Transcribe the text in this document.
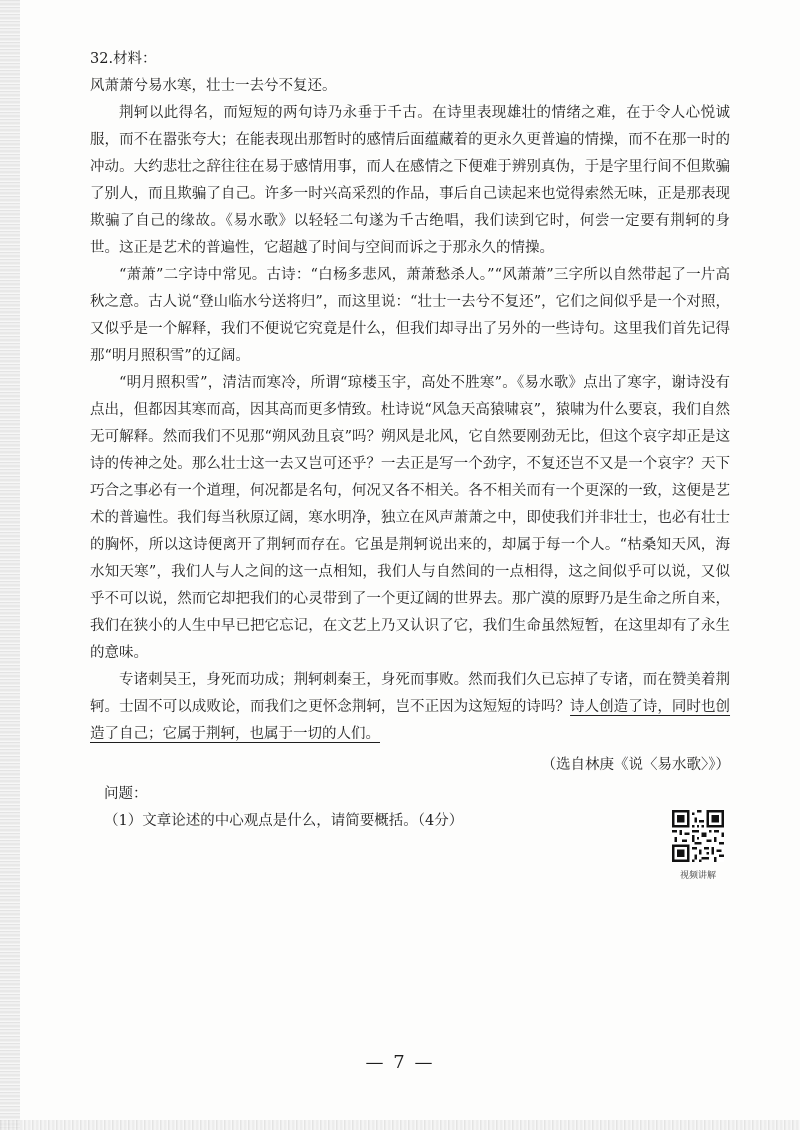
32.材料：

风萧萧兮易水寒，壮士一去兮不复还。

荆轲以此得名，而短短的两句诗乃永垂于千古。在诗里表现雄壮的情绪之难，在于令人心悦诚服，而不在嚣张夸大；在能表现出那暂时的感情后面蕴藏着的更永久更普遍的情操，而不在那一时的冲动。大约悲壮之辞往往在易于感情用事，而人在感情之下便难于辨别真伪，于是字里行间不但欺骗了别人，而且欺骗了自己。许多一时兴高采烈的作品，事后自己读起来也觉得索然无味，正是那表现欺骗了自己的缘故。《易水歌》以轻轻二句遂为千古绝唱，我们读到它时，何尝一定要有荆轲的身世。这正是艺术的普遍性，它超越了时间与空间而诉之于那永久的情操。

“萧萧”二字诗中常见。古诗：“白杨多悲风，萧萧愁杀人。”“风萧萧”三字所以自然带起了一片高秋之意。古人说“登山临水兮送将归”，而这里说：“壮士一去兮不复还”，它们之间似乎是一个对照，又似乎是一个解释，我们不便说它究竟是什么，但我们却寻出了另外的一些诗句。这里我们首先记得那“明月照积雪”的辽阔。

“明月照积雪”，清洁而寒冷，所谓“琼楼玉宇，高处不胜寒”。《易水歌》点出了寒字，谢诗没有点出，但都因其寒而高，因其高而更多情致。杜诗说“风急天高猿啸哀”，猿啸为什么要哀，我们自然无可解释。然而我们不见那“朔风劲且哀”吗？朔风是北风，它自然要刚劲无比，但这个哀字却正是这诗的传神之处。那么壮士这一去又岂可还乎？一去正是写一个劲字，不复还岂不又是一个哀字？天下巧合之事必有一个道理，何况都是名句，何况又各不相关。各不相关而有一个更深的一致，这便是艺术的普遍性。我们每当秋原辽阔，寒水明净，独立在风声萧萧之中，即使我们并非壮士，也必有壮士的胸怀，所以这诗便离开了荆轲而存在。它虽是荆轲说出来的，却属于每一个人。“枯桑知天风，海水知天寒”，我们人与人之间的这一点相知，我们人与自然间的一点相得，这之间似乎可以说，又似乎不可以说，然而它却把我们的心灵带到了一个更辽阔的世界去。那广漠的原野乃是生命之所自来，我们在狭小的人生中早已把它忘记，在文艺上乃又认识了它，我们生命虽然短暂，在这里却有了永生的意味。

专诸刺吴王，身死而功成；荆轲刺秦王，身死而事败。然而我们久已忘掉了专诸，而在赞美着荆轲。士固不可以成败论，而我们之更怀念荆轲，岂不正因为这短短的诗吗？诗人创造了诗，同时也创造了自己；它属于荆轲，也属于一切的人们。

（选自林庚《说〈易水歌〉》）

问题：

（1）文章论述的中心观点是什么，请简要概括。（4分）

视频讲解
— 7 —
